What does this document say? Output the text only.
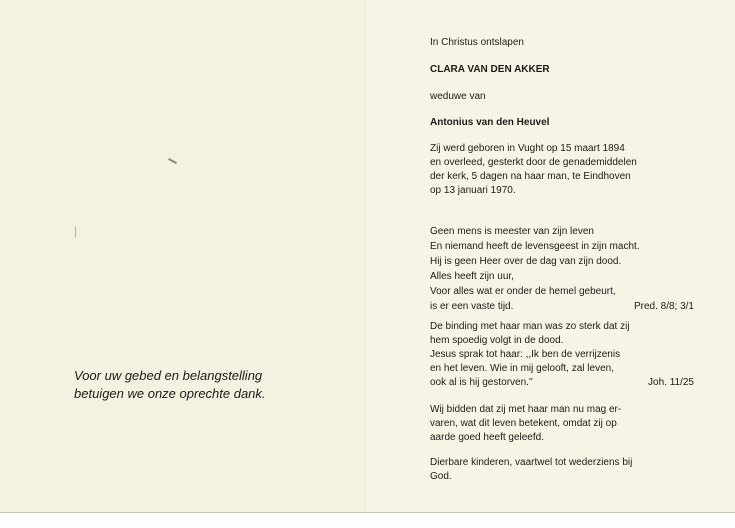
Voor uw gebed en belangstelling
betuigen we onze oprechte dank.
In Christus ontslapen
CLARA VAN DEN AKKER
weduwe van
Antonius van den Heuvel
Zij werd geboren in Vught op 15 maart 1894
en overleed, gesterkt door de genademiddelen
der kerk, 5 dagen na haar man, te Eindhoven
op 13 januari 1970.
Geen mens is meester van zijn leven
En niemand heeft de levensgeest in zijn macht.
Hij is geen Heer over de dag van zijn dood.
Alles heeft zijn uur,
Voor alles wat er onder de hemel gebeurt,
is er een vaste tijd.	Pred. 8/8; 3/1
De binding met haar man was zo sterk dat zij
hem spoedig volgt in de dood.
Jesus sprak tot haar: ,,Ik ben de verrijzenis
en het leven. Wie in mij gelooft, zal leven,
ook al is hij gestorven.''	Joh. 11/25
Wij bidden dat zij met haar man nu mag er-
varen, wat dit leven betekent, omdat zij op
aarde goed heeft geleefd.
Dierbare kinderen, vaartwel tot wederziens bij
God.
